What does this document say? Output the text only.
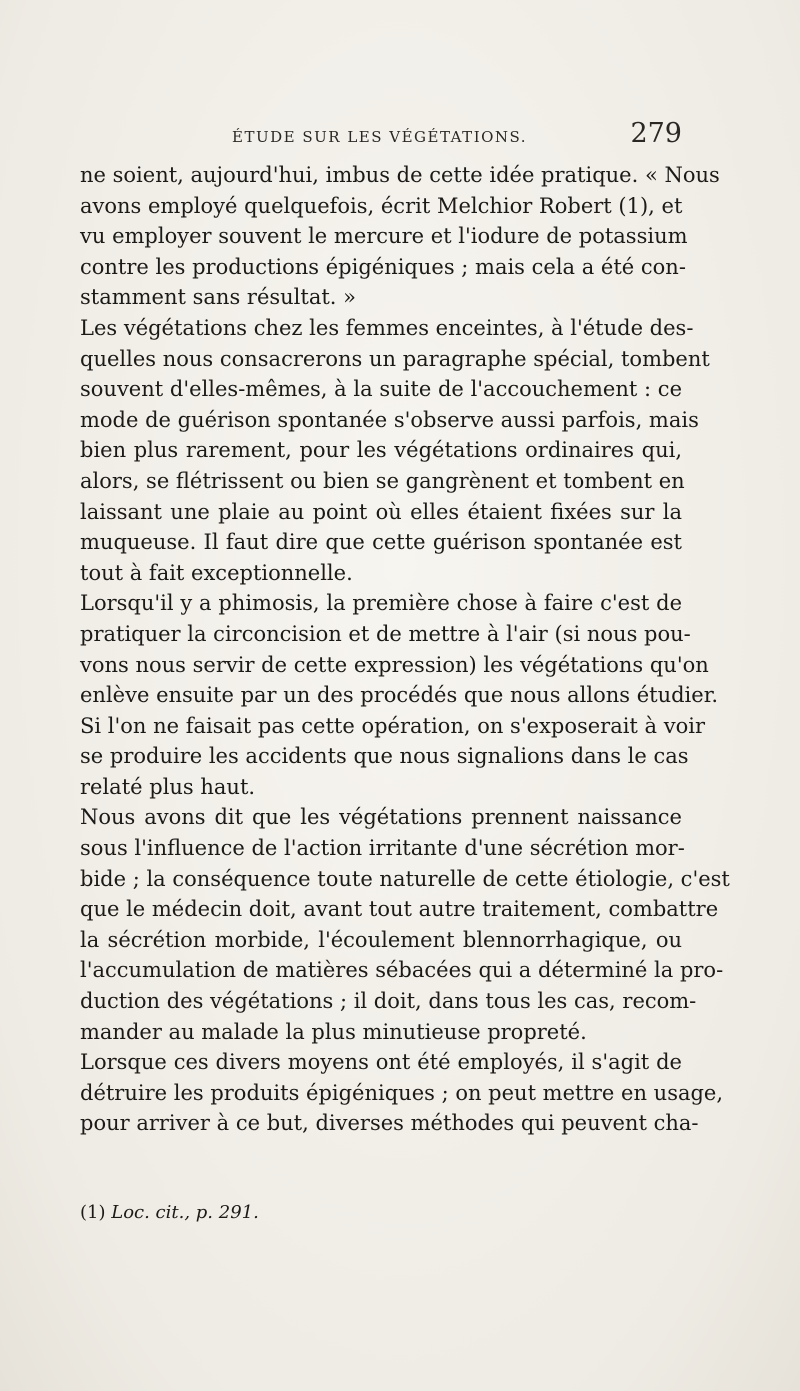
ÉTUDE SUR LES VÉGÉTATIONS.	279
ne soient, aujourd'hui, imbus de cette idée pratique. « Nous
avons employé quelquefois, écrit Melchior Robert (1), et
vu employer souvent le mercure et l'iodure de potassium
contre les productions épigéniques ; mais cela a été con-
stamment sans résultat. »
Les végétations chez les femmes enceintes, à l'étude des-
quelles nous consacrerons un paragraphe spécial, tombent
souvent d'elles-mêmes, à la suite de l'accouchement : ce
mode de guérison spontanée s'observe aussi parfois, mais
bien plus rarement, pour les végétations ordinaires qui,
alors, se flétrissent ou bien se gangrènent et tombent en
laissant une plaie au point où elles étaient fixées sur la
muqueuse. Il faut dire que cette guérison spontanée est
tout à fait exceptionnelle.
Lorsqu'il y a phimosis, la première chose à faire c'est de
pratiquer la circoncision et de mettre à l'air (si nous pou-
vons nous servir de cette expression) les végétations qu'on
enlève ensuite par un des procédés que nous allons étudier.
Si l'on ne faisait pas cette opération, on s'exposerait à voir
se produire les accidents que nous signalions dans le cas
relaté plus haut.
Nous avons dit que les végétations prennent naissance
sous l'influence de l'action irritante d'une sécrétion mor-
bide ; la conséquence toute naturelle de cette étiologie, c'est
que le médecin doit, avant tout autre traitement, combattre
la sécrétion morbide, l'écoulement blennorrhagique, ou
l'accumulation de matières sébacées qui a déterminé la pro-
duction des végétations ; il doit, dans tous les cas, recom-
mander au malade la plus minutieuse propreté.
Lorsque ces divers moyens ont été employés, il s'agit de
détruire les produits épigéniques ; on peut mettre en usage,
pour arriver à ce but, diverses méthodes qui peuvent cha-
(1) Loc. cit., p. 291.
